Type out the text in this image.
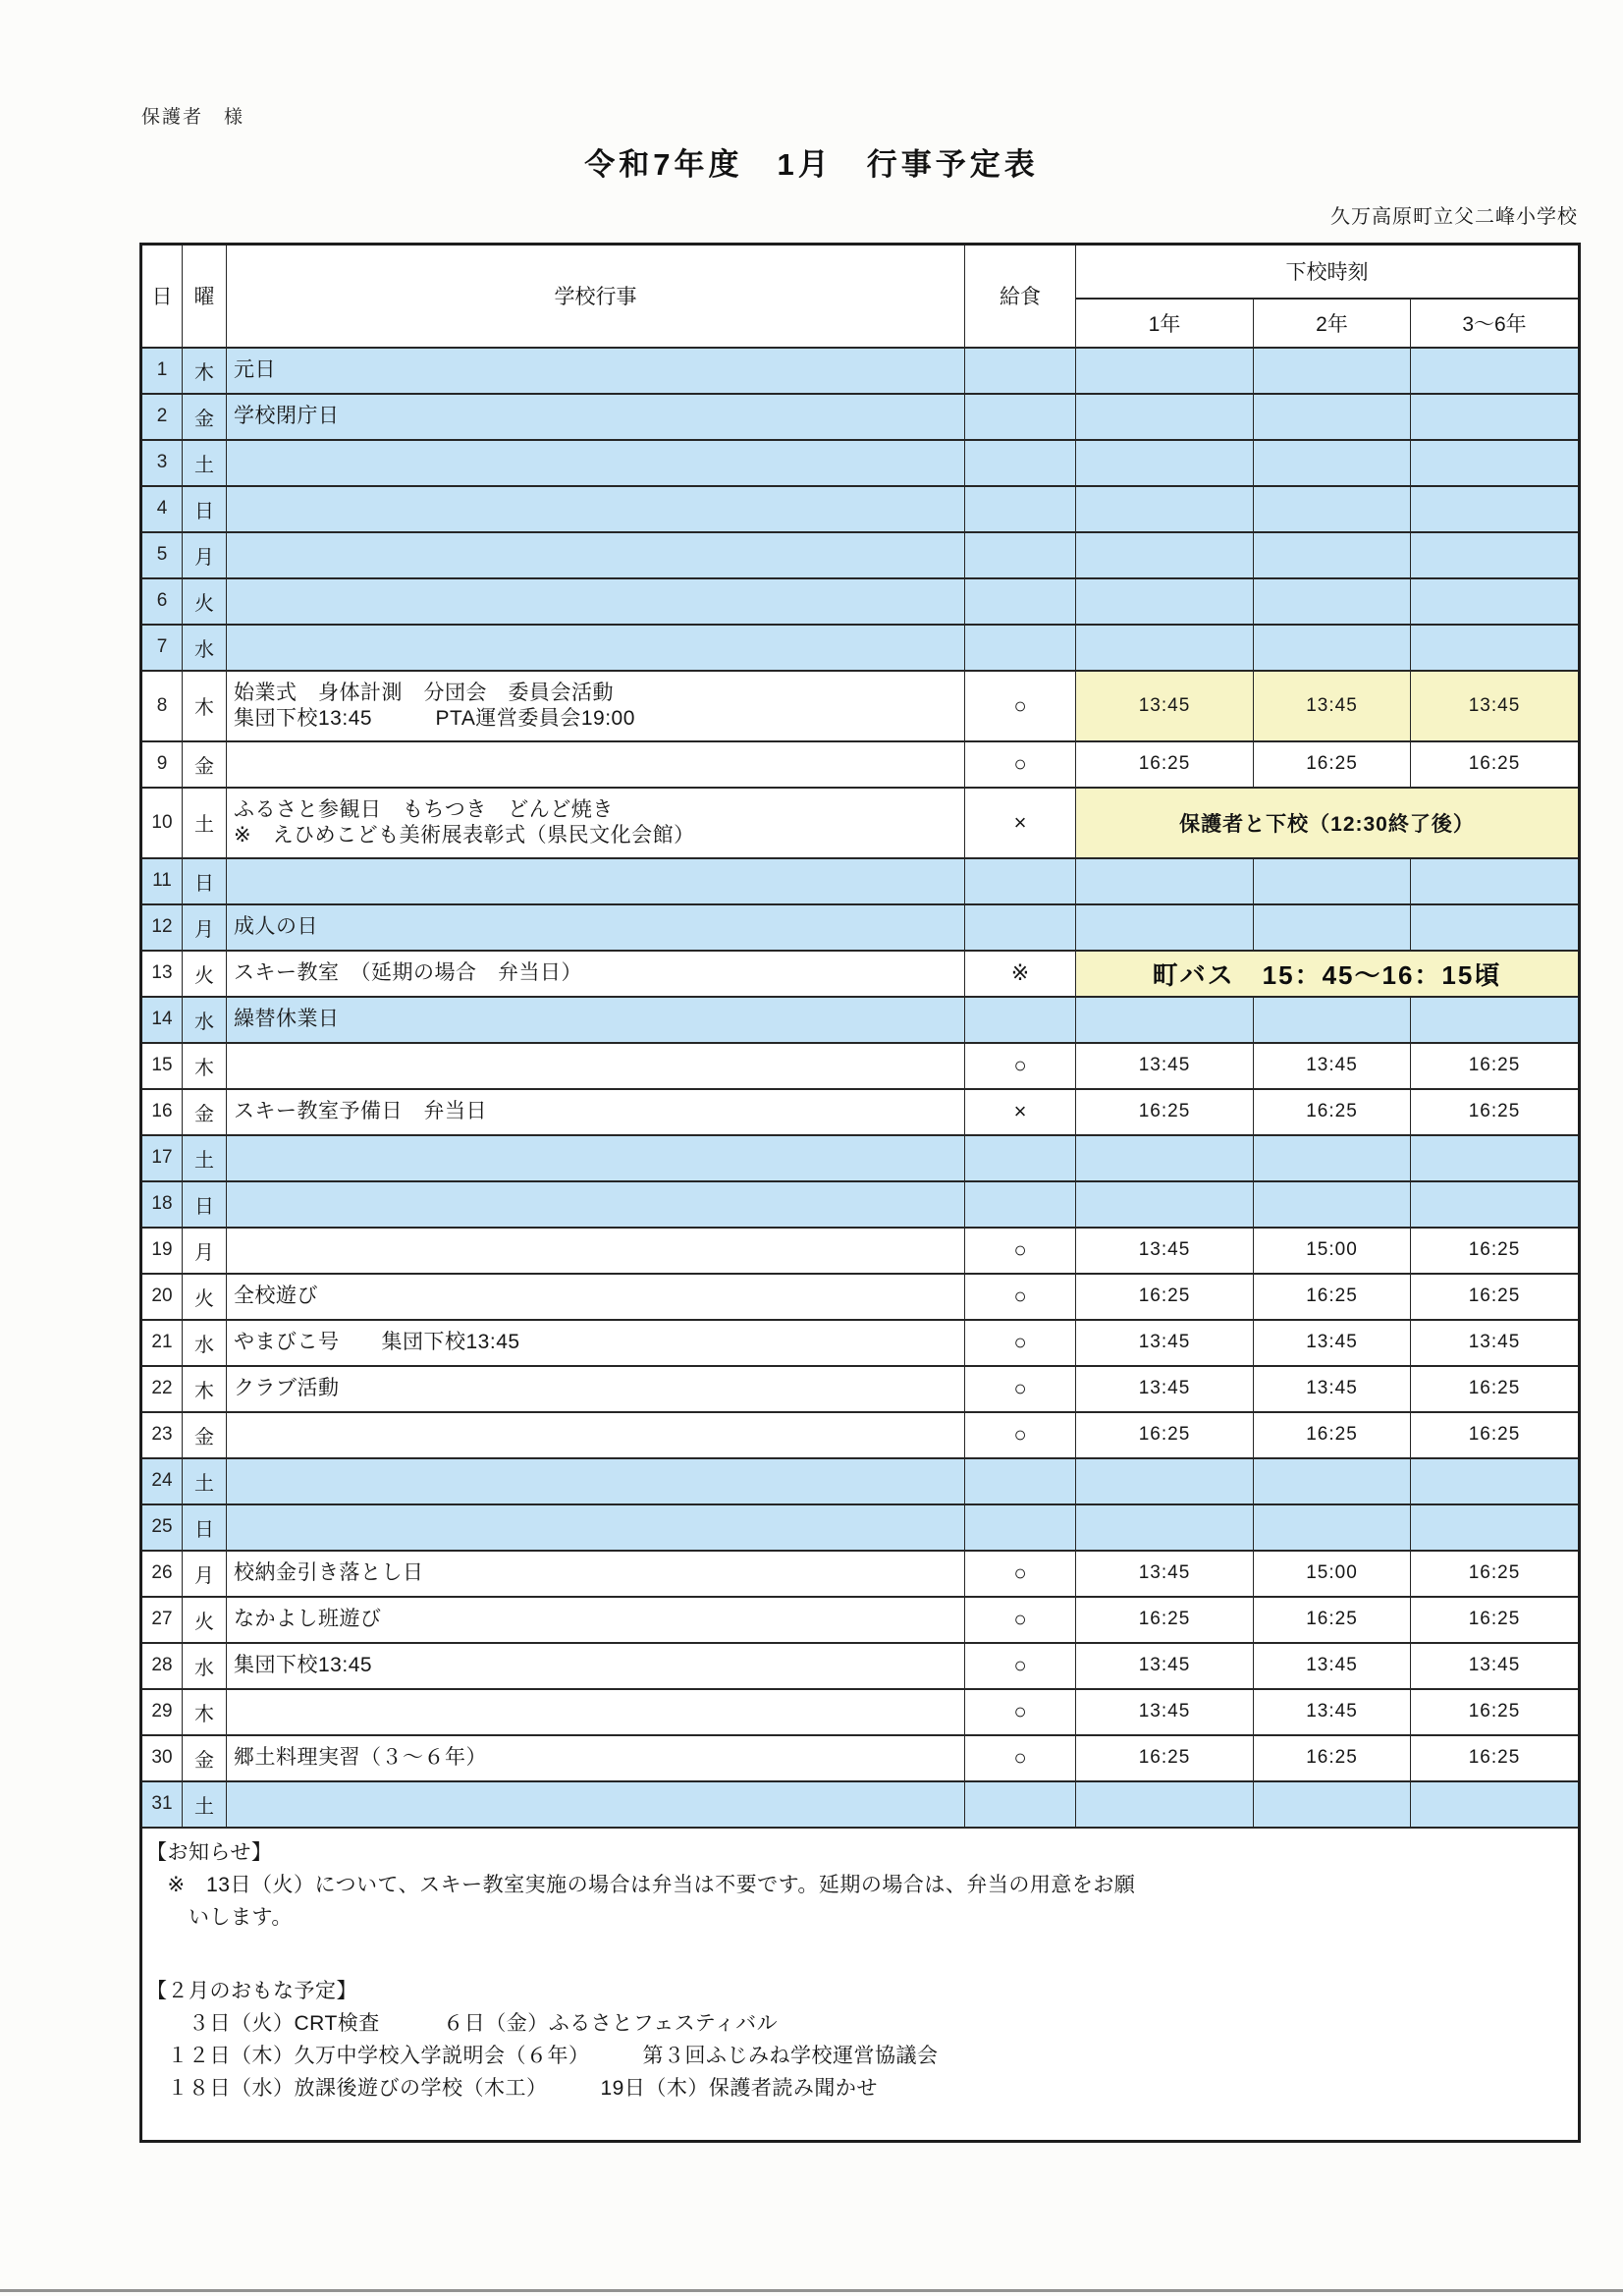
保護者　様
令和7年度　1月　行事予定表
久万高原町立父二峰小学校
日	曜	学校行事	給食	下校時刻		
				1年	2年	3～6年
1	木	元日				

2	金	学校閉庁日				

3	土					
4	日					
5	月					
6	火					
7	水					
8	木	始業式　身体計測　分団会　委員会活動
集団下校13:45　　　PTA運営委員会19:00	○	13:45	13:45	13:45
9	金		○	16:25	16:25	16:25
10	土	ふるさと参観日　もちつき　どんど焼き
※　えひめこども美術展表彰式（県民文化会館）	×	保護者と下校（12:30終了後）		
11	日					
12	月	成人の日				

13	火	スキー教室　（延期の場合　弁当日）	※	町バス　15：45～16：15頃		
14	水	繰替休業日				

15	木		○	13:45	13:45	16:25
16	金	スキー教室予備日　弁当日	×	16:25	16:25	16:25
17	土					
18	日					
19	月		○	13:45	15:00	16:25
20	火	全校遊び	○	16:25	16:25	16:25
21	水	やまびこ号　　集団下校13:45	○	13:45	13:45	13:45
22	木	クラブ活動	○	13:45	13:45	16:25
23	金		○	16:25	16:25	16:25
24	土					
25	日					
26	月	校納金引き落とし日	○	13:45	15:00	16:25
27	火	なかよし班遊び	○	16:25	16:25	16:25
28	水	集団下校13:45	○	13:45	13:45	13:45
29	木		○	13:45	13:45	16:25
30	金	郷土料理実習（３～６年）	○	16:25	16:25	16:25
31	土					

【お知らせ】
　※　13日（火）について、スキー教室実施の場合は弁当は不要です。延期の場合は、弁当の用意をお願
　　いします。
【２月のおもな予定】
　　３日（火）CRT検査　　　６日（金）ふるさとフェスティバル
　１２日（木）久万中学校入学説明会（６年）　　　第３回ふじみね学校運営協議会
　１８日（水）放課後遊びの学校（木工）　　　19日（木）保護者読み聞かせ
